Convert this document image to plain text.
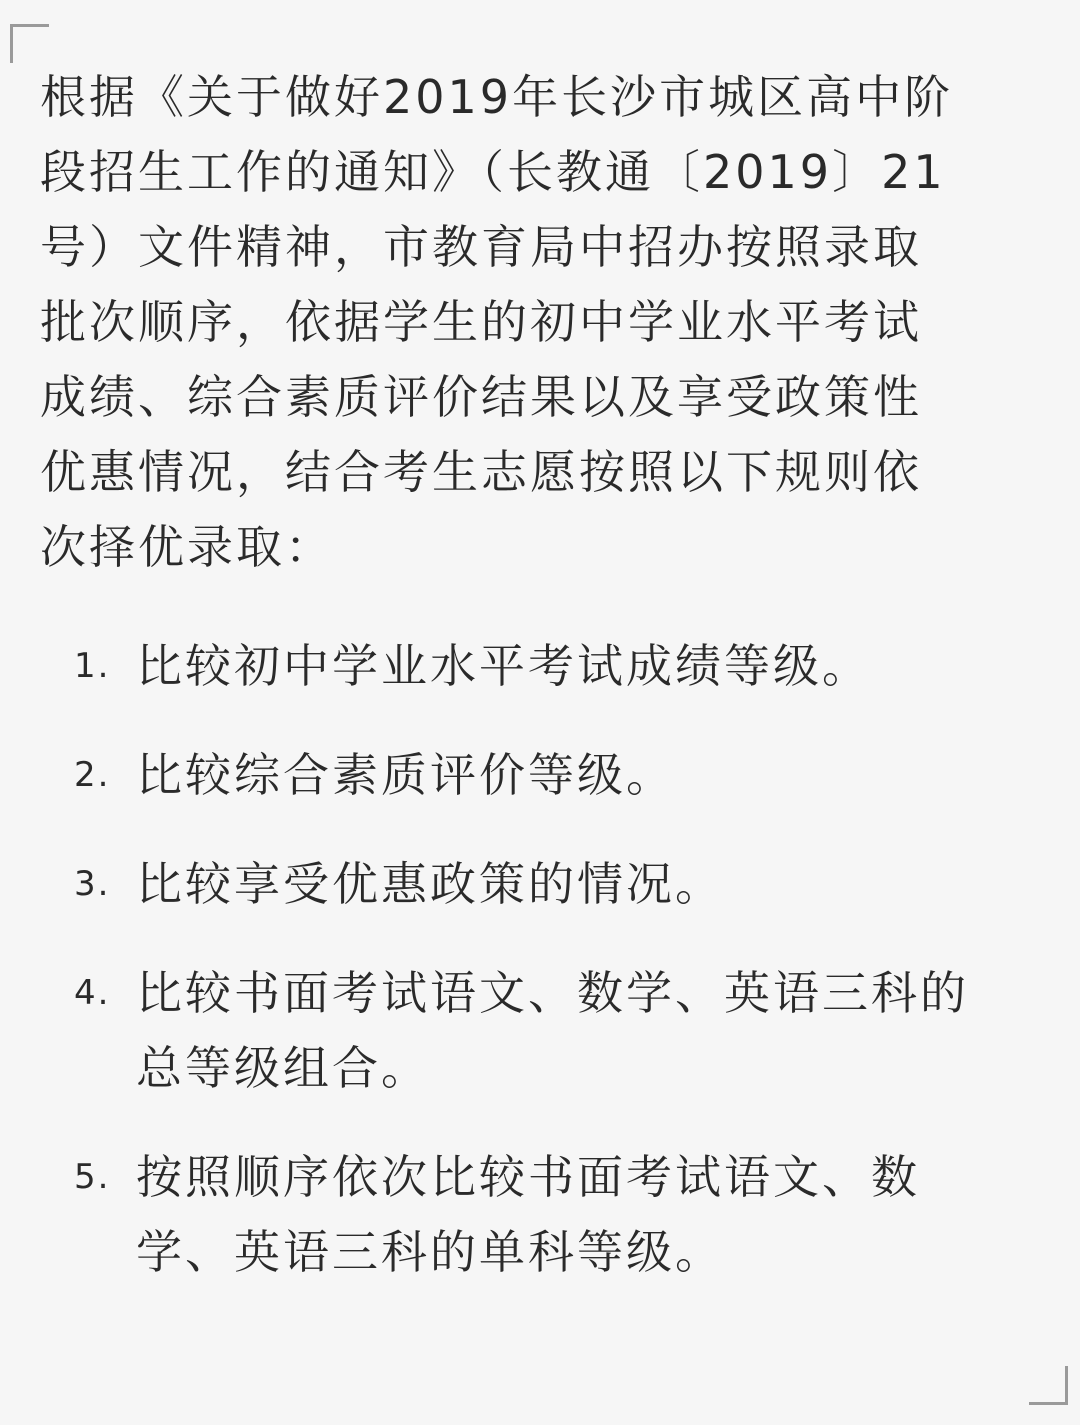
根据《关于做好2019年长沙市城区高中阶
段招生工作的通知》（长教通〔2019〕21
号）文件精神，市教育局中招办按照录取
批次顺序，依据学生的初中学业水平考试
成绩、综合素质评价结果以及享受政策性
优惠情况，结合考生志愿按照以下规则依
次择优录取：

1. 比较初中学业水平考试成绩等级。
2. 比较综合素质评价等级。
3. 比较享受优惠政策的情况。
4. 比较书面考试语文、数学、英语三科的
总等级组合。
5. 按照顺序依次比较书面考试语文、数
学、英语三科的单科等级。
